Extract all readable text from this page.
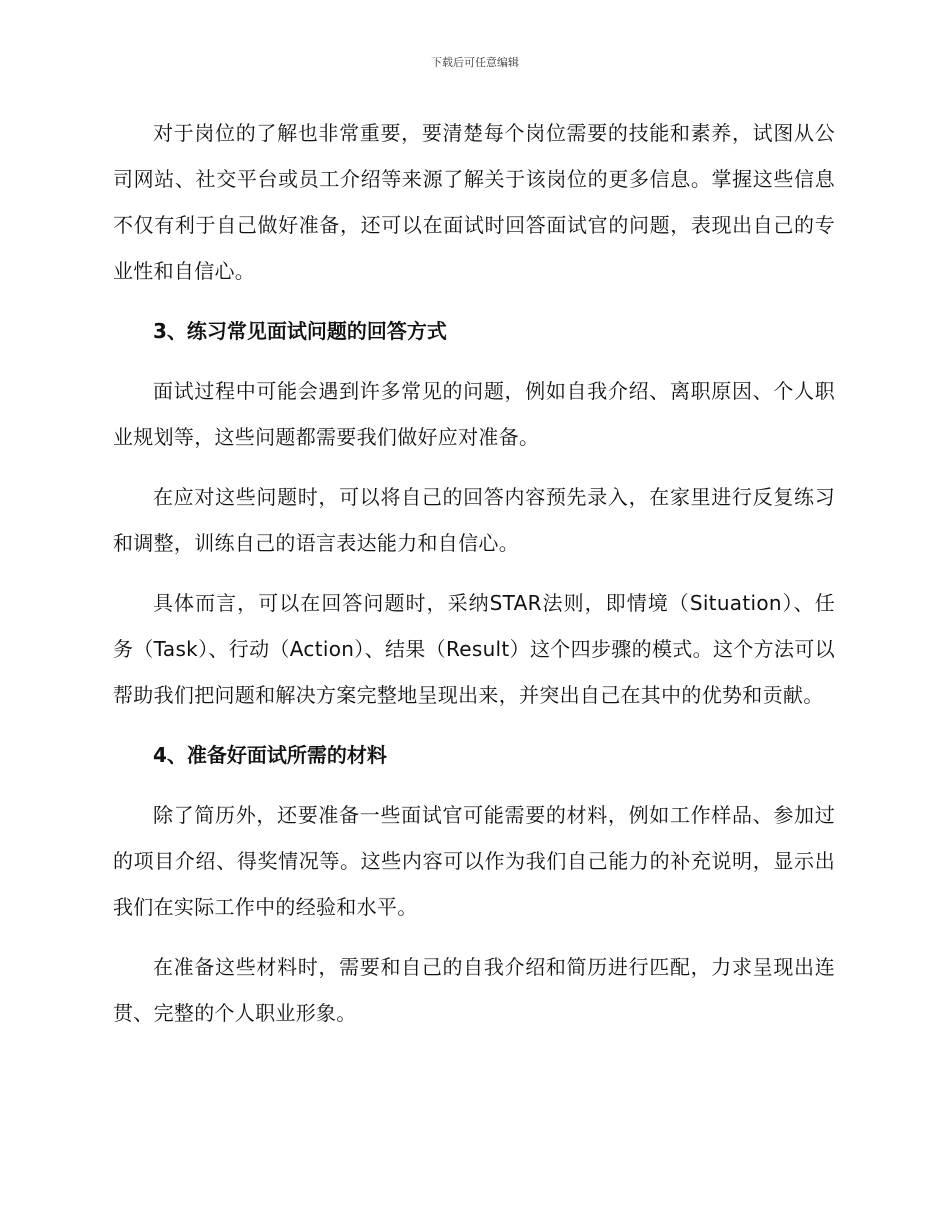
下载后可任意编辑

对于岗位的了解也非常重要，要清楚每个岗位需要的技能和素养，试图从公司网站、社交平台或员工介绍等来源了解关于该岗位的更多信息。掌握这些信息不仅有利于自己做好准备，还可以在面试时回答面试官的问题，表现出自己的专业性和自信心。

3、练习常见面试问题的回答方式

面试过程中可能会遇到许多常见的问题，例如自我介绍、离职原因、个人职业规划等，这些问题都需要我们做好应对准备。

在应对这些问题时，可以将自己的回答内容预先录入，在家里进行反复练习和调整，训练自己的语言表达能力和自信心。

具体而言，可以在回答问题时，采纳STAR法则，即情境（Situation）、任务（Task）、行动（Action）、结果（Result）这个四步骤的模式。这个方法可以帮助我们把问题和解决方案完整地呈现出来，并突出自己在其中的优势和贡献。

4、准备好面试所需的材料

除了简历外，还要准备一些面试官可能需要的材料，例如工作样品、参加过的项目介绍、得奖情况等。这些内容可以作为我们自己能力的补充说明，显示出我们在实际工作中的经验和水平。

在准备这些材料时，需要和自己的自我介绍和简历进行匹配，力求呈现出连贯、完整的个人职业形象。
